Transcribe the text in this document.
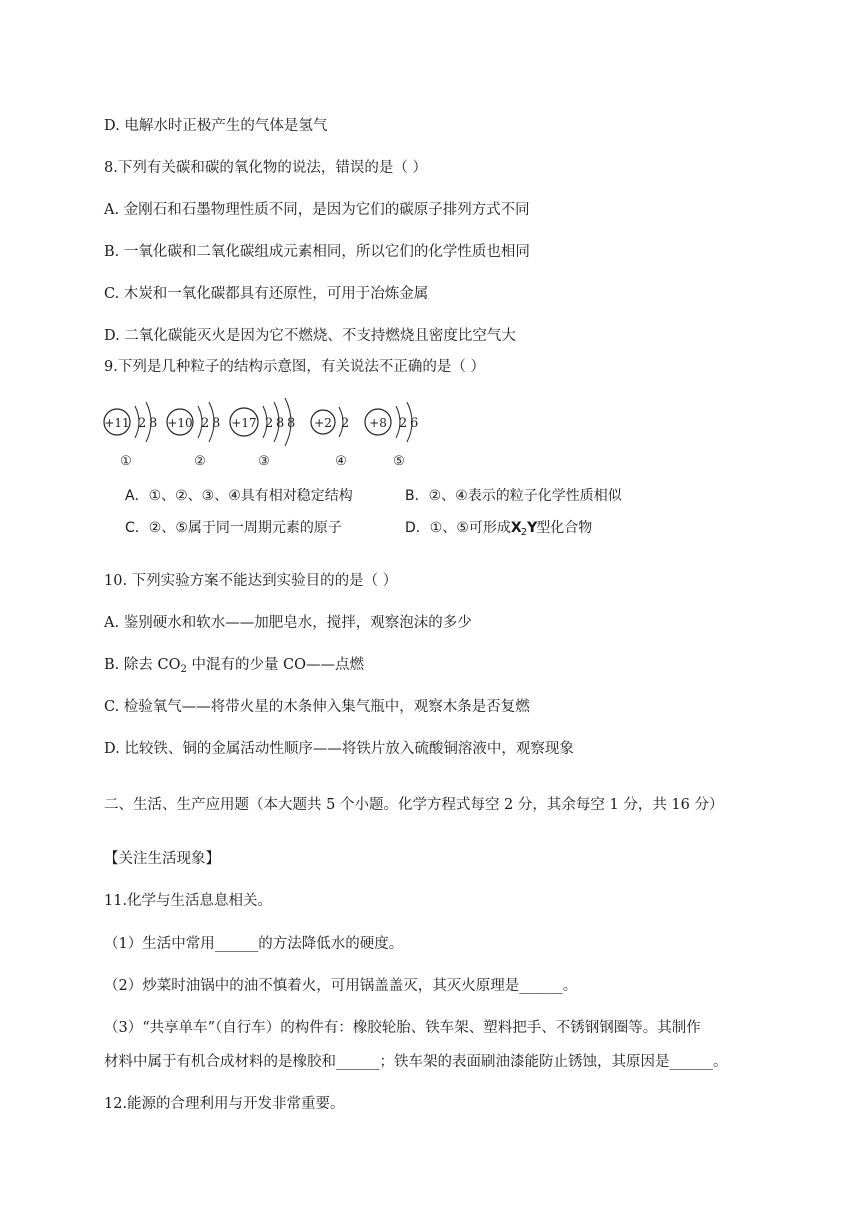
D. 电解水时正极产生的气体是氢气
8.下列有关碳和碳的氧化物的说法，错误的是（ ）
A. 金刚石和石墨物理性质不同，是因为它们的碳原子排列方式不同
B. 一氧化碳和二氧化碳组成元素相同，所以它们的化学性质也相同
C. 木炭和一氧化碳都具有还原性，可用于冶炼金属
D. 二氧化碳能灭火是因为它不燃烧、不支持燃烧且密度比空气大
9.下列是几种粒子的结构示意图，有关说法不正确的是（ ）
+11 2 8
①
+10 2 8
②
+17 2 8 8
③
+2 2
④
+8 2 6
⑤
A．①、②、③、④具有相对稳定结构	B．②、④表示的粒子化学性质相似
C．②、⑤属于同一周期元素的原子	D．①、⑤可形成$X_2Y$型化合物
10. 下列实验方案不能达到实验目的的是（ ）
A. 鉴别硬水和软水——加肥皂水，搅拌，观察泡沫的多少
B. 除去 $CO_2$ 中混有的少量 CO——点燃
C. 检验氧气——将带火星的木条伸入集气瓶中，观察木条是否复燃
D. 比较铁、铜的金属活动性顺序——将铁片放入硫酸铜溶液中，观察现象
二、生活、生产应用题（本大题共 5 个小题。化学方程式每空 2 分，其余每空 1 分，共 16 分）
【关注生活现象】
11.化学与生活息息相关。
（1）生活中常用______的方法降低水的硬度。
（2）炒菜时油锅中的油不慎着火，可用锅盖盖灭，其灭火原理是______。
（3）“共享单车”（自行车）的构件有：橡胶轮胎、铁车架、塑料把手、不锈钢钢圈等。其制作
材料中属于有机合成材料的是橡胶和______；铁车架的表面刷油漆能防止锈蚀，其原因是______。
12.能源的合理利用与开发非常重要。
